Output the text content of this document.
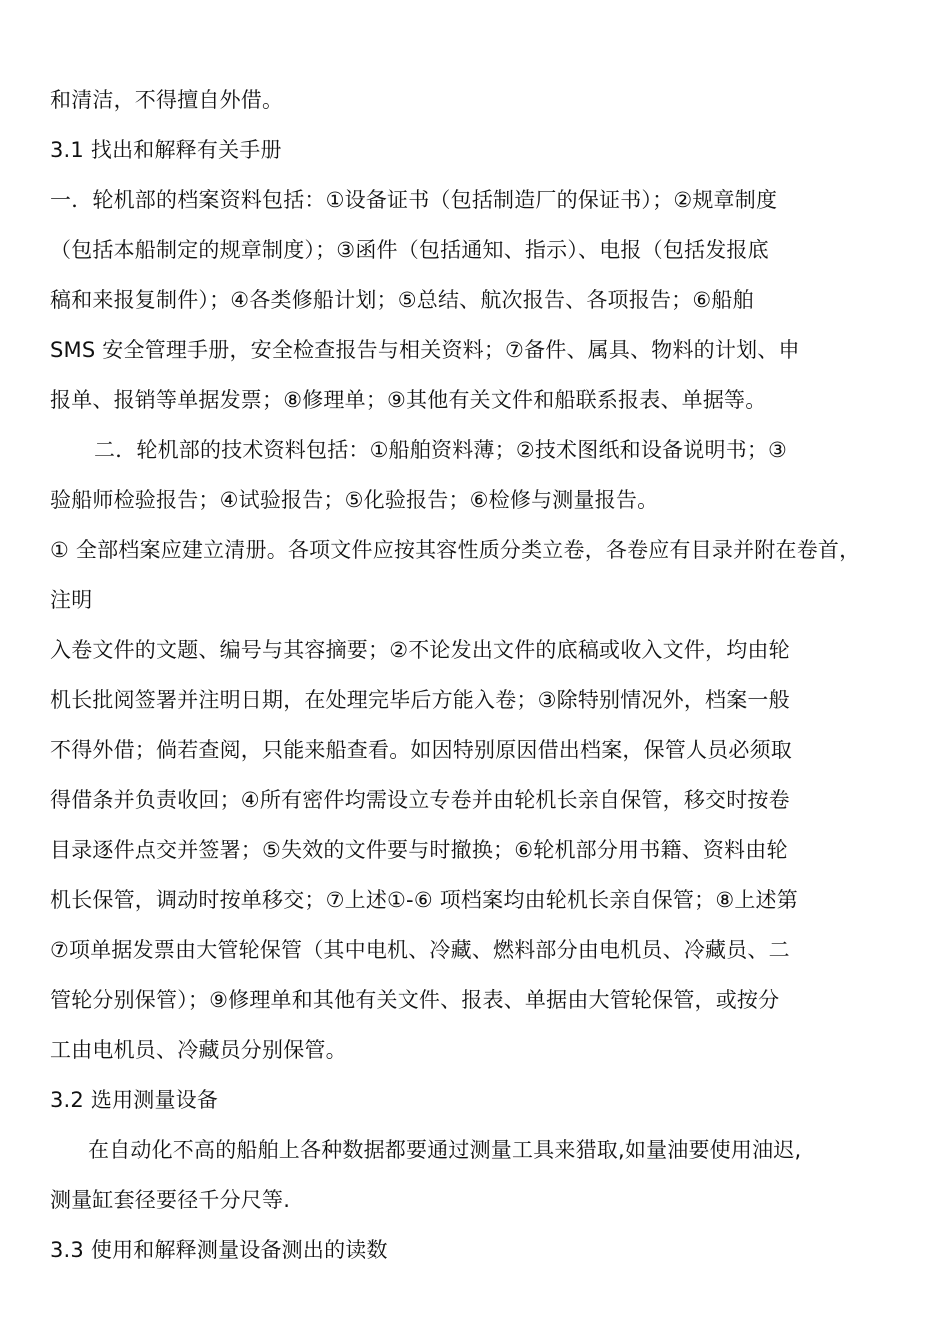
和清洁，不得擅自外借。
3.1 找出和解释有关手册
一．轮机部的档案资料包括：①设备证书（包括制造厂的保证书）；②规章制度
（包括本船制定的规章制度）；③函件（包括通知、指示）、电报（包括发报底
稿和来报复制件）；④各类修船计划；⑤总结、航次报告、各项报告；⑥船舶
SMS 安全管理手册，安全检查报告与相关资料；⑦备件、属具、物料的计划、申
报单、报销等单据发票；⑧修理单；⑨其他有关文件和船联系报表、单据等。
二．轮机部的技术资料包括：①船舶资料薄；②技术图纸和设备说明书；③
验船师检验报告；④试验报告；⑤化验报告；⑥检修与测量报告。
① 全部档案应建立清册。各项文件应按其容性质分类立卷，各卷应有目录并附在卷首，
注明
入卷文件的文题、编号与其容摘要；②不论发出文件的底稿或收入文件，均由轮
机长批阅签署并注明日期，在处理完毕后方能入卷；③除特别情况外，档案一般
不得外借；倘若查阅，只能来船查看。如因特别原因借出档案，保管人员必须取
得借条并负责收回；④所有密件均需设立专卷并由轮机长亲自保管，移交时按卷
目录逐件点交并签署；⑤失效的文件要与时撤换；⑥轮机部分用书籍、资料由轮
机长保管，调动时按单移交；⑦上述①-⑥ 项档案均由轮机长亲自保管；⑧上述第
⑦项单据发票由大管轮保管（其中电机、冷藏、燃料部分由电机员、冷藏员、二
管轮分别保管）；⑨修理单和其他有关文件、报表、单据由大管轮保管，或按分
工由电机员、冷藏员分别保管。
3.2 选用测量设备
在自动化不高的船舶上各种数据都要通过测量工具来猎取,如量油要使用油迟,
测量缸套径要径千分尺等.
3.3 使用和解释测量设备测出的读数
